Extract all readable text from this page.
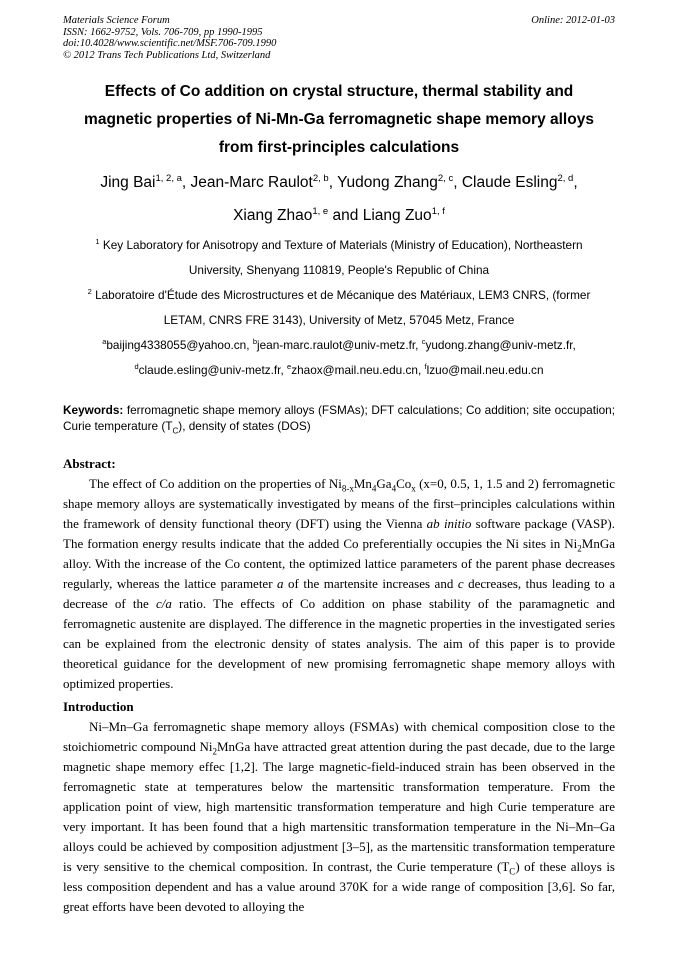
Materials Science Forum
ISSN: 1662-9752, Vols. 706-709, pp 1990-1995
doi:10.4028/www.scientific.net/MSF.706-709.1990
© 2012 Trans Tech Publications Ltd, Switzerland
Online: 2012-01-03
Effects of Co addition on crystal structure, thermal stability and
magnetic properties of Ni-Mn-Ga ferromagnetic shape memory alloys
from first-principles calculations
Jing Bai$^{1, 2, a}$, Jean-Marc Raulot$^{2, b}$, Yudong Zhang$^{2, c}$, Claude Esling$^{2, d}$,
Xiang Zhao$^{1, e}$ and Liang Zuo$^{1, f}$
$^1$ Key Laboratory for Anisotropy and Texture of Materials (Ministry of Education), Northeastern
University, Shenyang 110819, People's Republic of China
$^2$ Laboratoire d'Étude des Microstructures et de Mécanique des Matériaux, LEM3 CNRS, (former
LETAM, CNRS FRE 3143), University of Metz, 57045 Metz, France
$^a$baijing4338055@yahoo.cn, $^b$jean-marc.raulot@univ-metz.fr, $^c$yudong.zhang@univ-metz.fr,
$^d$claude.esling@univ-metz.fr, $^e$zhaox@mail.neu.edu.cn, $^f$lzuo@mail.neu.edu.cn
Keywords: ferromagnetic shape memory alloys (FSMAs); DFT calculations; Co addition; site occupation; Curie temperature $(T_C)$, density of states (DOS)
Abstract:
The effect of Co addition on the properties of $Ni_{8-x}Mn_4Ga_4Co_x$ (x=0, 0.5, 1, 1.5 and 2) ferromagnetic shape memory alloys are systematically investigated by means of the first–principles calculations within the framework of density functional theory (DFT) using the Vienna ab initio software package (VASP). The formation energy results indicate that the added Co preferentially occupies the Ni sites in $Ni_2MnGa$ alloy. With the increase of the Co content, the optimized lattice parameters of the parent phase decreases regularly, whereas the lattice parameter a of the martensite increases and c decreases, thus leading to a decrease of the c/a ratio. The effects of Co addition on phase stability of the paramagnetic and ferromagnetic austenite are displayed. The difference in the magnetic properties in the investigated series can be explained from the electronic density of states analysis. The aim of this paper is to provide theoretical guidance for the development of new promising ferromagnetic shape memory alloys with optimized properties.
Introduction
Ni–Mn–Ga ferromagnetic shape memory alloys (FSMAs) with chemical composition close to the stoichiometric compound $Ni_2MnGa$ have attracted great attention during the past decade, due to the large magnetic shape memory effec [1,2]. The large magnetic-field-induced strain has been observed in the ferromagnetic state at temperatures below the martensitic transformation temperature. From the application point of view, high martensitic transformation temperature and high Curie temperature are very important. It has been found that a high martensitic transformation temperature in the Ni–Mn–Ga alloys could be achieved by composition adjustment [3–5], as the martensitic transformation temperature is very sensitive to the chemical composition. In contrast, the Curie temperature $(T_C)$ of these alloys is less composition dependent and has a value around 370K for a wide range of composition [3,6]. So far, great efforts have been devoted to alloying the
